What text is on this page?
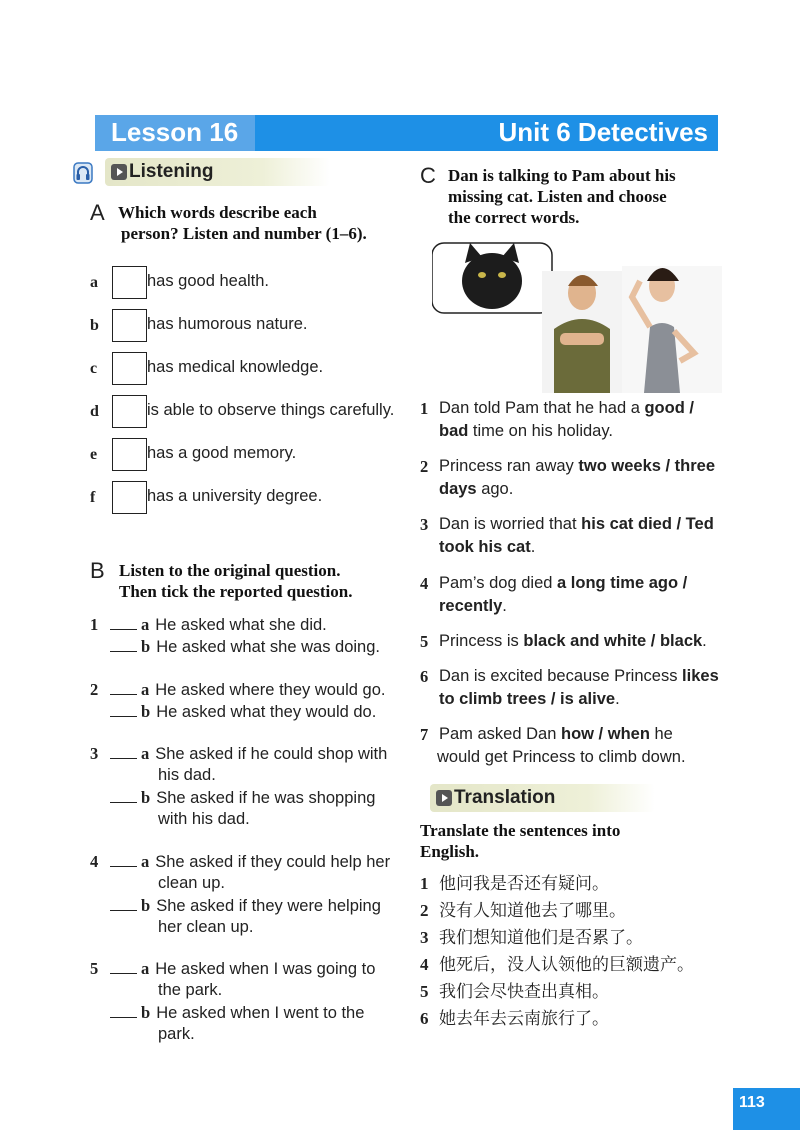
Lesson 16	Unit 6 Detectives
Listening
A Which words describe each
person? Listen and number (1–6).
a	has good health.
b	has humorous nature.
c	has medical knowledge.
d	is able to observe things carefully.
e	has a good memory.
f	has a university degree.
B Listen to the original question.
Then tick the reported question.
1	a He asked what she did.
b He asked what she was doing.
2	a He asked where they would go.
b He asked what they would do.
3	a She asked if he could shop with
his dad.
b She asked if he was shopping
with his dad.
4	a She asked if they could help her
clean up.
b She asked if they were helping
her clean up.
5	a He asked when I was going to
the park.
b He asked when I went to the
park.
C Dan is talking to Pam about his
missing cat. Listen and choose
the correct words.
1 Dan told Pam that he had a good /
bad time on his holiday.
2 Princess ran away two weeks / three
days ago.
3 Dan is worried that his cat died / Ted
took his cat.
4 Pam’s dog died a long time ago /
recently.
5 Princess is black and white / black.
6 Dan is excited because Princess likes
to climb trees / is alive.
7 Pam asked Dan how / when he
would get Princess to climb down.
Translation
Translate the sentences into
English.
1 他问我是否还有疑问。
2 没有人知道他去了哪里。
3 我们想知道他们是否累了。
4 他死后，没人认领他的巨额遗产。
5 我们会尽快查出真相。
6 她去年去云南旅行了。
113
